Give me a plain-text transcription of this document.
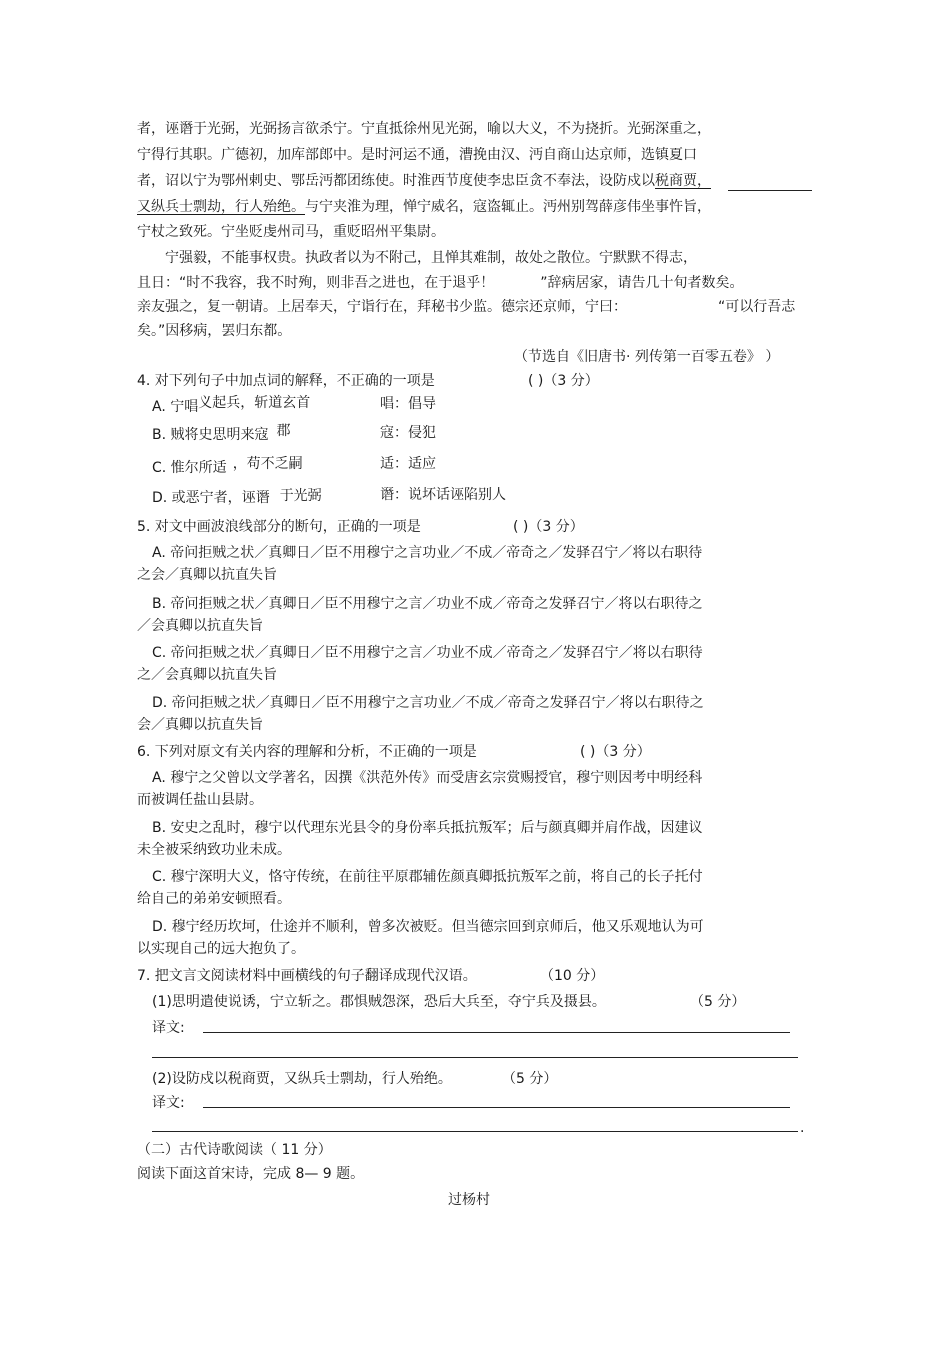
者，诬谮于光弼，光弼扬言欲杀宁。宁直抵徐州见光弼，喻以大义，不为挠折。光弼深重之，
宁得行其职。广德初，加库部郎中。是时河运不通，漕挽由汉、沔自商山达京师，选镇夏口
者，诏以宁为鄂州剌史、鄂岳沔都团练使。时淮西节度使李忠臣贪不奉法，设防戍以税商贾，
又纵兵士剽劫，行人殆绝。与宁夹淮为理，惮宁威名，寇盗辄止。沔州别驾薛彦伟坐事忤旨，
宁杖之致死。宁坐贬虔州司马，重贬昭州平集尉。
宁强毅，不能事权贵。执政者以为不附己，且惮其难制，故处之散位。宁默默不得志，
且日：“时不我容，我不时殉，则非吾之进也，在于退乎！	”辞病居家，请告几十旬者数矣。
亲友强之，复一朝请。上居奉天，宁诣行在，拜秘书少监。德宗还京师，宁曰：	“可以行吾志
矣。”因移病，罢归东都。
（节选自《旧唐书· 列传第一百零五卷》 ）
4. 对下列句子中加点词的解释，不正确的一项是	( )（3 分）
A. 宁唱义起兵，斩道玄首	唱：倡导
B. 贼将史思明来寇 郡	寇：侵犯
C. 惟尔所适 ，苟不乏嗣	适：适应
D. 或恶宁者，诬谮 于光弼	谮：说坏话诬陷别人
5. 对文中画波浪线部分的断句，正确的一项是	( )（3 分）
A. 帝问拒贼之状／真卿日／臣不用穆宁之言功业／不成／帝奇之／发驿召宁／将以右职待
之会／真卿以抗直失旨
B. 帝问拒贼之状／真卿日／臣不用穆宁之言／功业不成／帝奇之发驿召宁／将以右职待之
／会真卿以抗直失旨
C. 帝问拒贼之状／真卿日／臣不用穆宁之言／功业不成／帝奇之／发驿召宁／将以右职待
之／会真卿以抗直失旨
D. 帝问拒贼之状／真卿日／臣不用穆宁之言功业／不成／帝奇之发驿召宁／将以右职待之
会／真卿以抗直失旨
6. 下列对原文有关内容的理解和分析，不正确的一项是	( )（3 分）
A. 穆宁之父曾以文学著名，因撰《洪范外传》而受唐玄宗赏赐授官，穆宁则因考中明经科
而被调任盐山县尉。
B. 安史之乱时，穆宁以代理东光县令的身份率兵抵抗叛军；后与颜真卿并肩作战，因建议
未全被采纳致功业未成。
C. 穆宁深明大义，恪守传统，在前往平原郡辅佐颜真卿抵抗叛军之前，将自己的长子托付
给自己的弟弟安顿照看。
D. 穆宁经历坎坷，仕途并不顺利，曾多次被贬。但当德宗回到京师后，他又乐观地认为可
以实现自己的远大抱负了。
7. 把文言文阅读材料中画横线的句子翻译成现代汉语。	（10 分）
(1)思明遣使说诱，宁立斩之。郡惧贼怨深，恐后大兵至，夺宁兵及摄县。	（5 分）
译文:
(2)设防戍以税商贾，又纵兵士剽劫，行人殆绝。	（5 分）
译文:
.
（二）古代诗歌阅读（ 11 分）
阅读下面这首宋诗，完成 8— 9 题。
过杨村
